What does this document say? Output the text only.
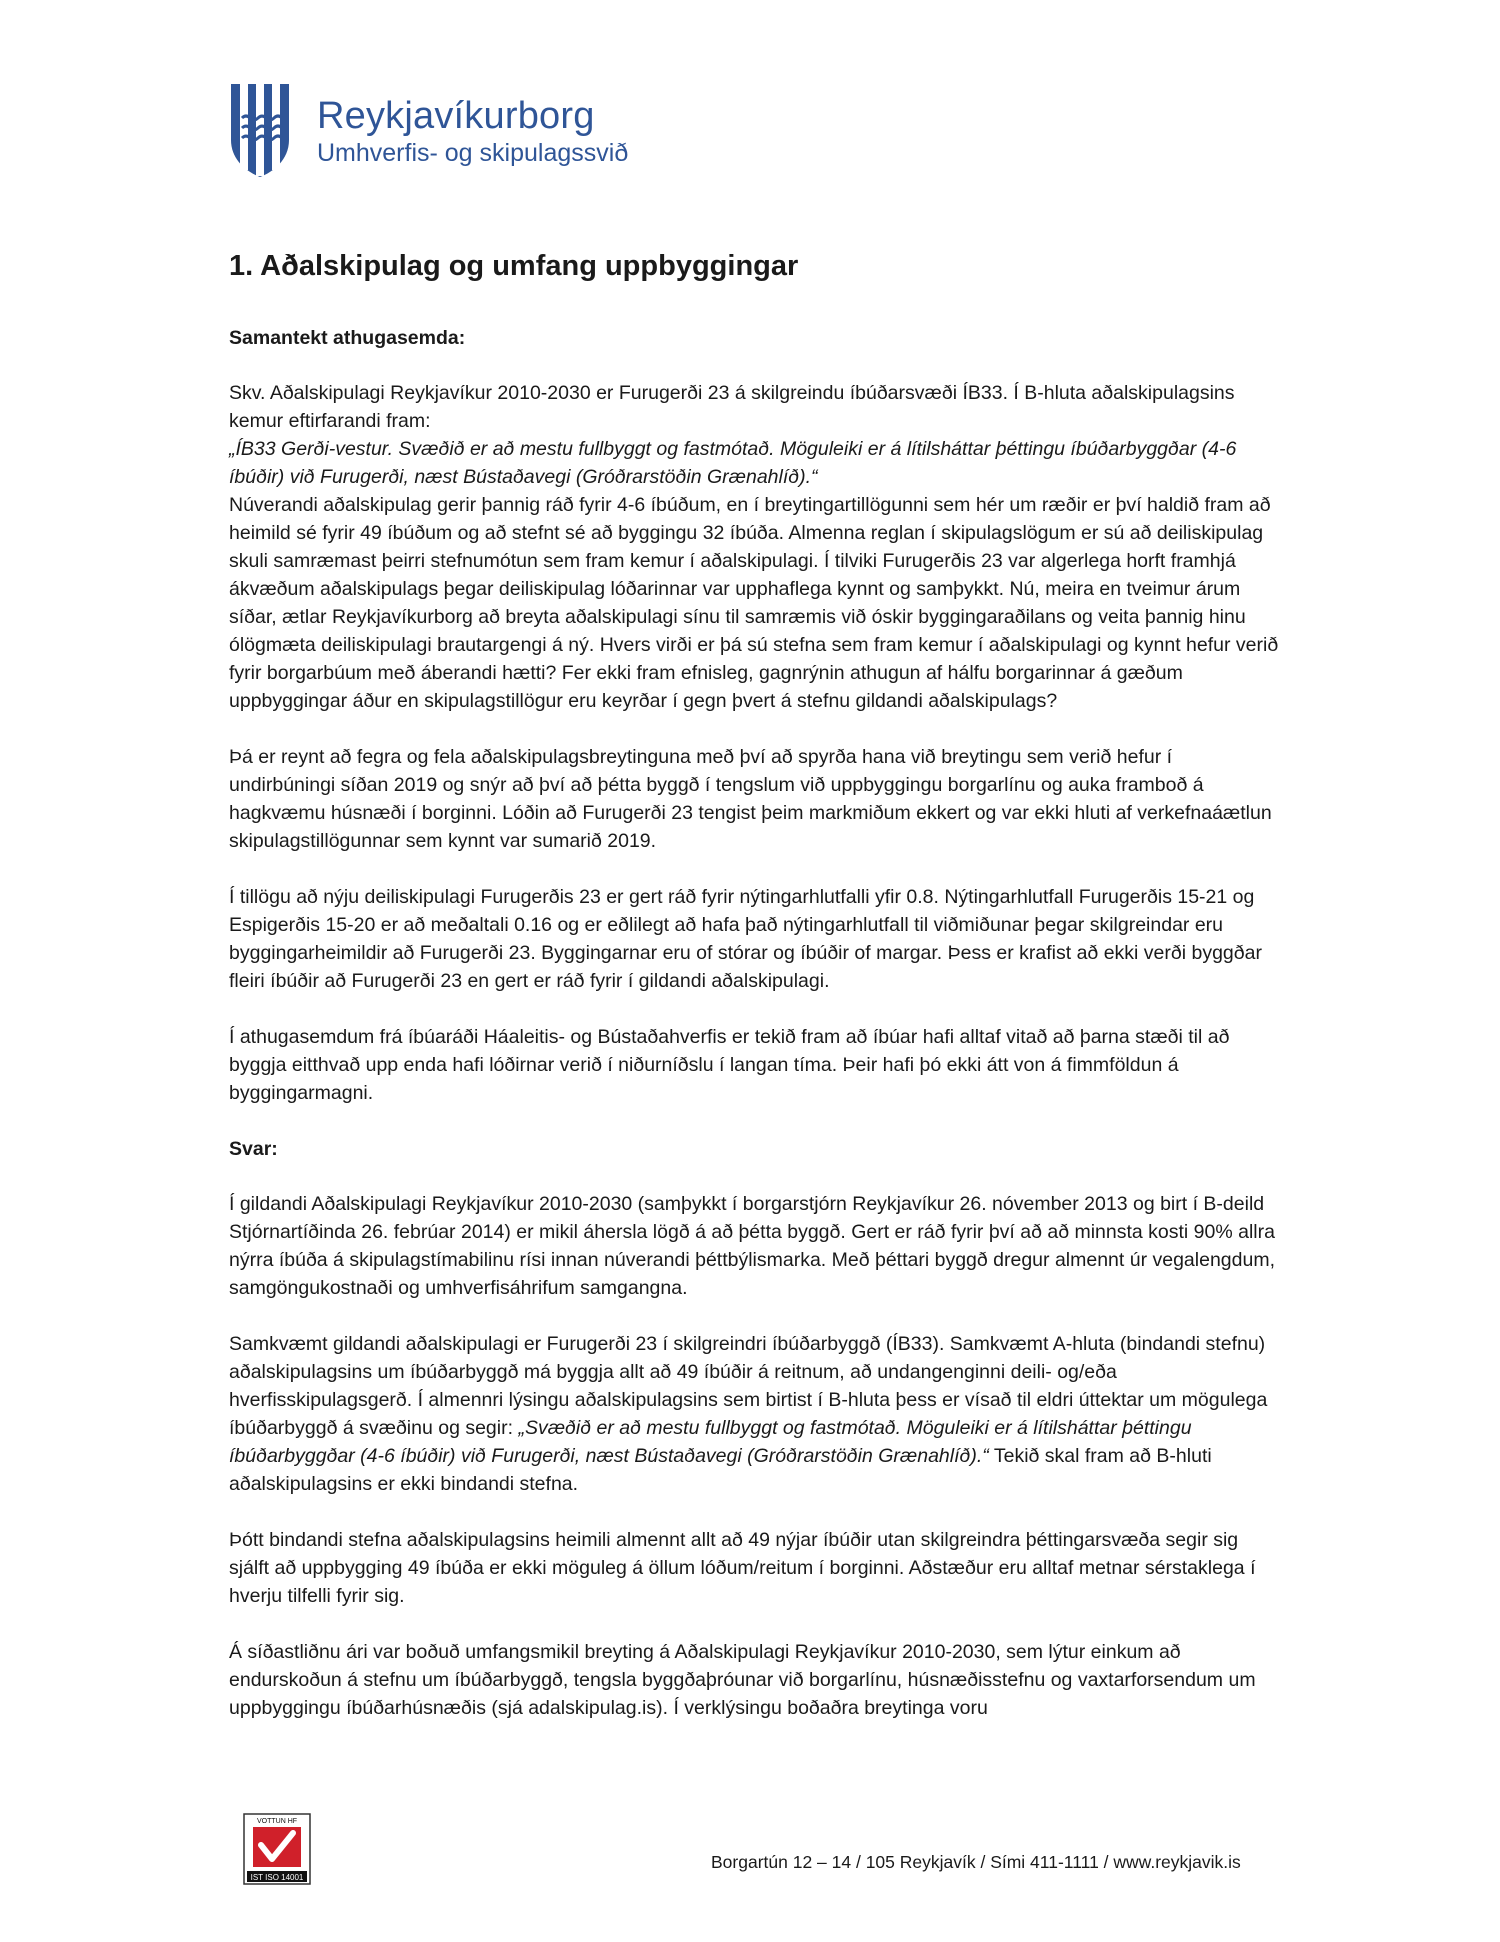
Reykjavíkurborg
Umhverfis- og skipulagssvið
1. Aðalskipulag og umfang uppbyggingar
Samantekt athugasemda:

Skv. Aðalskipulagi Reykjavíkur 2010-2030 er Furugerði 23 á skilgreindu íbúðarsvæði ÍB33. Í B-hluta aðalskipulagsins kemur eftirfarandi fram:
„ÍB33 Gerði-vestur. Svæðið er að mestu fullbyggt og fastmótað. Möguleiki er á lítilsháttar þéttingu íbúðarbyggðar (4-6 íbúðir) við Furugerði, næst Bústaðavegi (Gróðrarstöðin Grænahlíð).“
Núverandi aðalskipulag gerir þannig ráð fyrir 4-6 íbúðum, en í breytingartillögunni sem hér um ræðir er því haldið fram að heimild sé fyrir 49 íbúðum og að stefnt sé að byggingu 32 íbúða. Almenna reglan í skipulagslögum er sú að deiliskipulag skuli samræmast þeirri stefnumótun sem fram kemur í aðalskipulagi. Í tilviki Furugerðis 23 var algerlega horft framhjá ákvæðum aðalskipulags þegar deiliskipulag lóðarinnar var upphaflega kynnt og samþykkt. Nú, meira en tveimur árum síðar, ætlar Reykjavíkurborg að breyta aðalskipulagi sínu til samræmis við óskir byggingaraðilans og veita þannig hinu ólögmæta deiliskipulagi brautargengi á ný. Hvers virði er þá sú stefna sem fram kemur í aðalskipulagi og kynnt hefur verið fyrir borgarbúum með áberandi hætti? Fer ekki fram efnisleg, gagnrýnin athugun af hálfu borgarinnar á gæðum uppbyggingar áður en skipulagstillögur eru keyrðar í gegn þvert á stefnu gildandi aðalskipulags?

Þá er reynt að fegra og fela aðalskipulagsbreytinguna með því að spyrða hana við breytingu sem verið hefur í undirbúningi síðan 2019 og snýr að því að þétta byggð í tengslum við uppbyggingu borgarlínu og auka framboð á hagkvæmu húsnæði í borginni. Lóðin að Furugerði 23 tengist þeim markmiðum ekkert og var ekki hluti af verkefnaáætlun skipulagstillögunnar sem kynnt var sumarið 2019.

Í tillögu að nýju deiliskipulagi Furugerðis 23 er gert ráð fyrir nýtingarhlutfalli yfir 0.8. Nýtingarhlutfall Furugerðis 15-21 og Espigerðis 15-20 er að meðaltali 0.16 og er eðlilegt að hafa það nýtingarhlutfall til viðmiðunar þegar skilgreindar eru byggingarheimildir að Furugerði 23. Byggingarnar eru of stórar og íbúðir of margar. Þess er krafist að ekki verði byggðar fleiri íbúðir að Furugerði 23 en gert er ráð fyrir í gildandi aðalskipulagi.

Í athugasemdum frá íbúaráði Háaleitis- og Bústaðahverfis er tekið fram að íbúar hafi alltaf vitað að þarna stæði til að byggja eitthvað upp enda hafi lóðirnar verið í niðurníðslu í langan tíma. Þeir hafi þó ekki átt von á fimmföldun á byggingarmagni.

Svar:

Í gildandi Aðalskipulagi Reykjavíkur 2010-2030 (samþykkt í borgarstjórn Reykjavíkur 26. nóvember 2013 og birt í B-deild Stjórnartíðinda 26. febrúar 2014) er mikil áhersla lögð á að þétta byggð. Gert er ráð fyrir því að að minnsta kosti 90% allra nýrra íbúða á skipulagstímabilinu rísi innan núverandi þéttbýlismarka. Með þéttari byggð dregur almennt úr vegalengdum, samgöngukostnaði og umhverfisáhrifum samgangna.

Samkvæmt gildandi aðalskipulagi er Furugerði 23 í skilgreindri íbúðarbyggð (ÍB33). Samkvæmt A-hluta (bindandi stefnu) aðalskipulagsins um íbúðarbyggð má byggja allt að 49 íbúðir á reitnum, að undangenginni deili- og/eða hverfisskipulagsgerð. Í almennri lýsingu aðalskipulagsins sem birtist í B-hluta þess er vísað til eldri úttektar um mögulega íbúðarbyggð á svæðinu og segir: „Svæðið er að mestu fullbyggt og fastmótað. Möguleiki er á lítilsháttar þéttingu íbúðarbyggðar (4-6 íbúðir) við Furugerði, næst Bústaðavegi (Gróðrarstöðin Grænahlíð).“ Tekið skal fram að B-hluti aðalskipulagsins er ekki bindandi stefna.

Þótt bindandi stefna aðalskipulagsins heimili almennt allt að 49 nýjar íbúðir utan skilgreindra þéttingarsvæða segir sig sjálft að uppbygging 49 íbúða er ekki möguleg á öllum lóðum/reitum í borginni. Aðstæður eru alltaf metnar sérstaklega í hverju tilfelli fyrir sig.

Á síðastliðnu ári var boðuð umfangsmikil breyting á Aðalskipulagi Reykjavíkur 2010-2030, sem lýtur einkum að endurskoðun á stefnu um íbúðarbyggð, tengsla byggðaþróunar við borgarlínu, húsnæðisstefnu og vaxtarforsendum um uppbyggingu íbúðarhúsnæðis (sjá adalskipulag.is). Í verklýsingu boðaðra breytinga voru

VOTTUN HF
IST ISO 14001
Borgartún 12 – 14 / 105 Reykjavík / Sími 411-1111 / www.reykjavik.is
